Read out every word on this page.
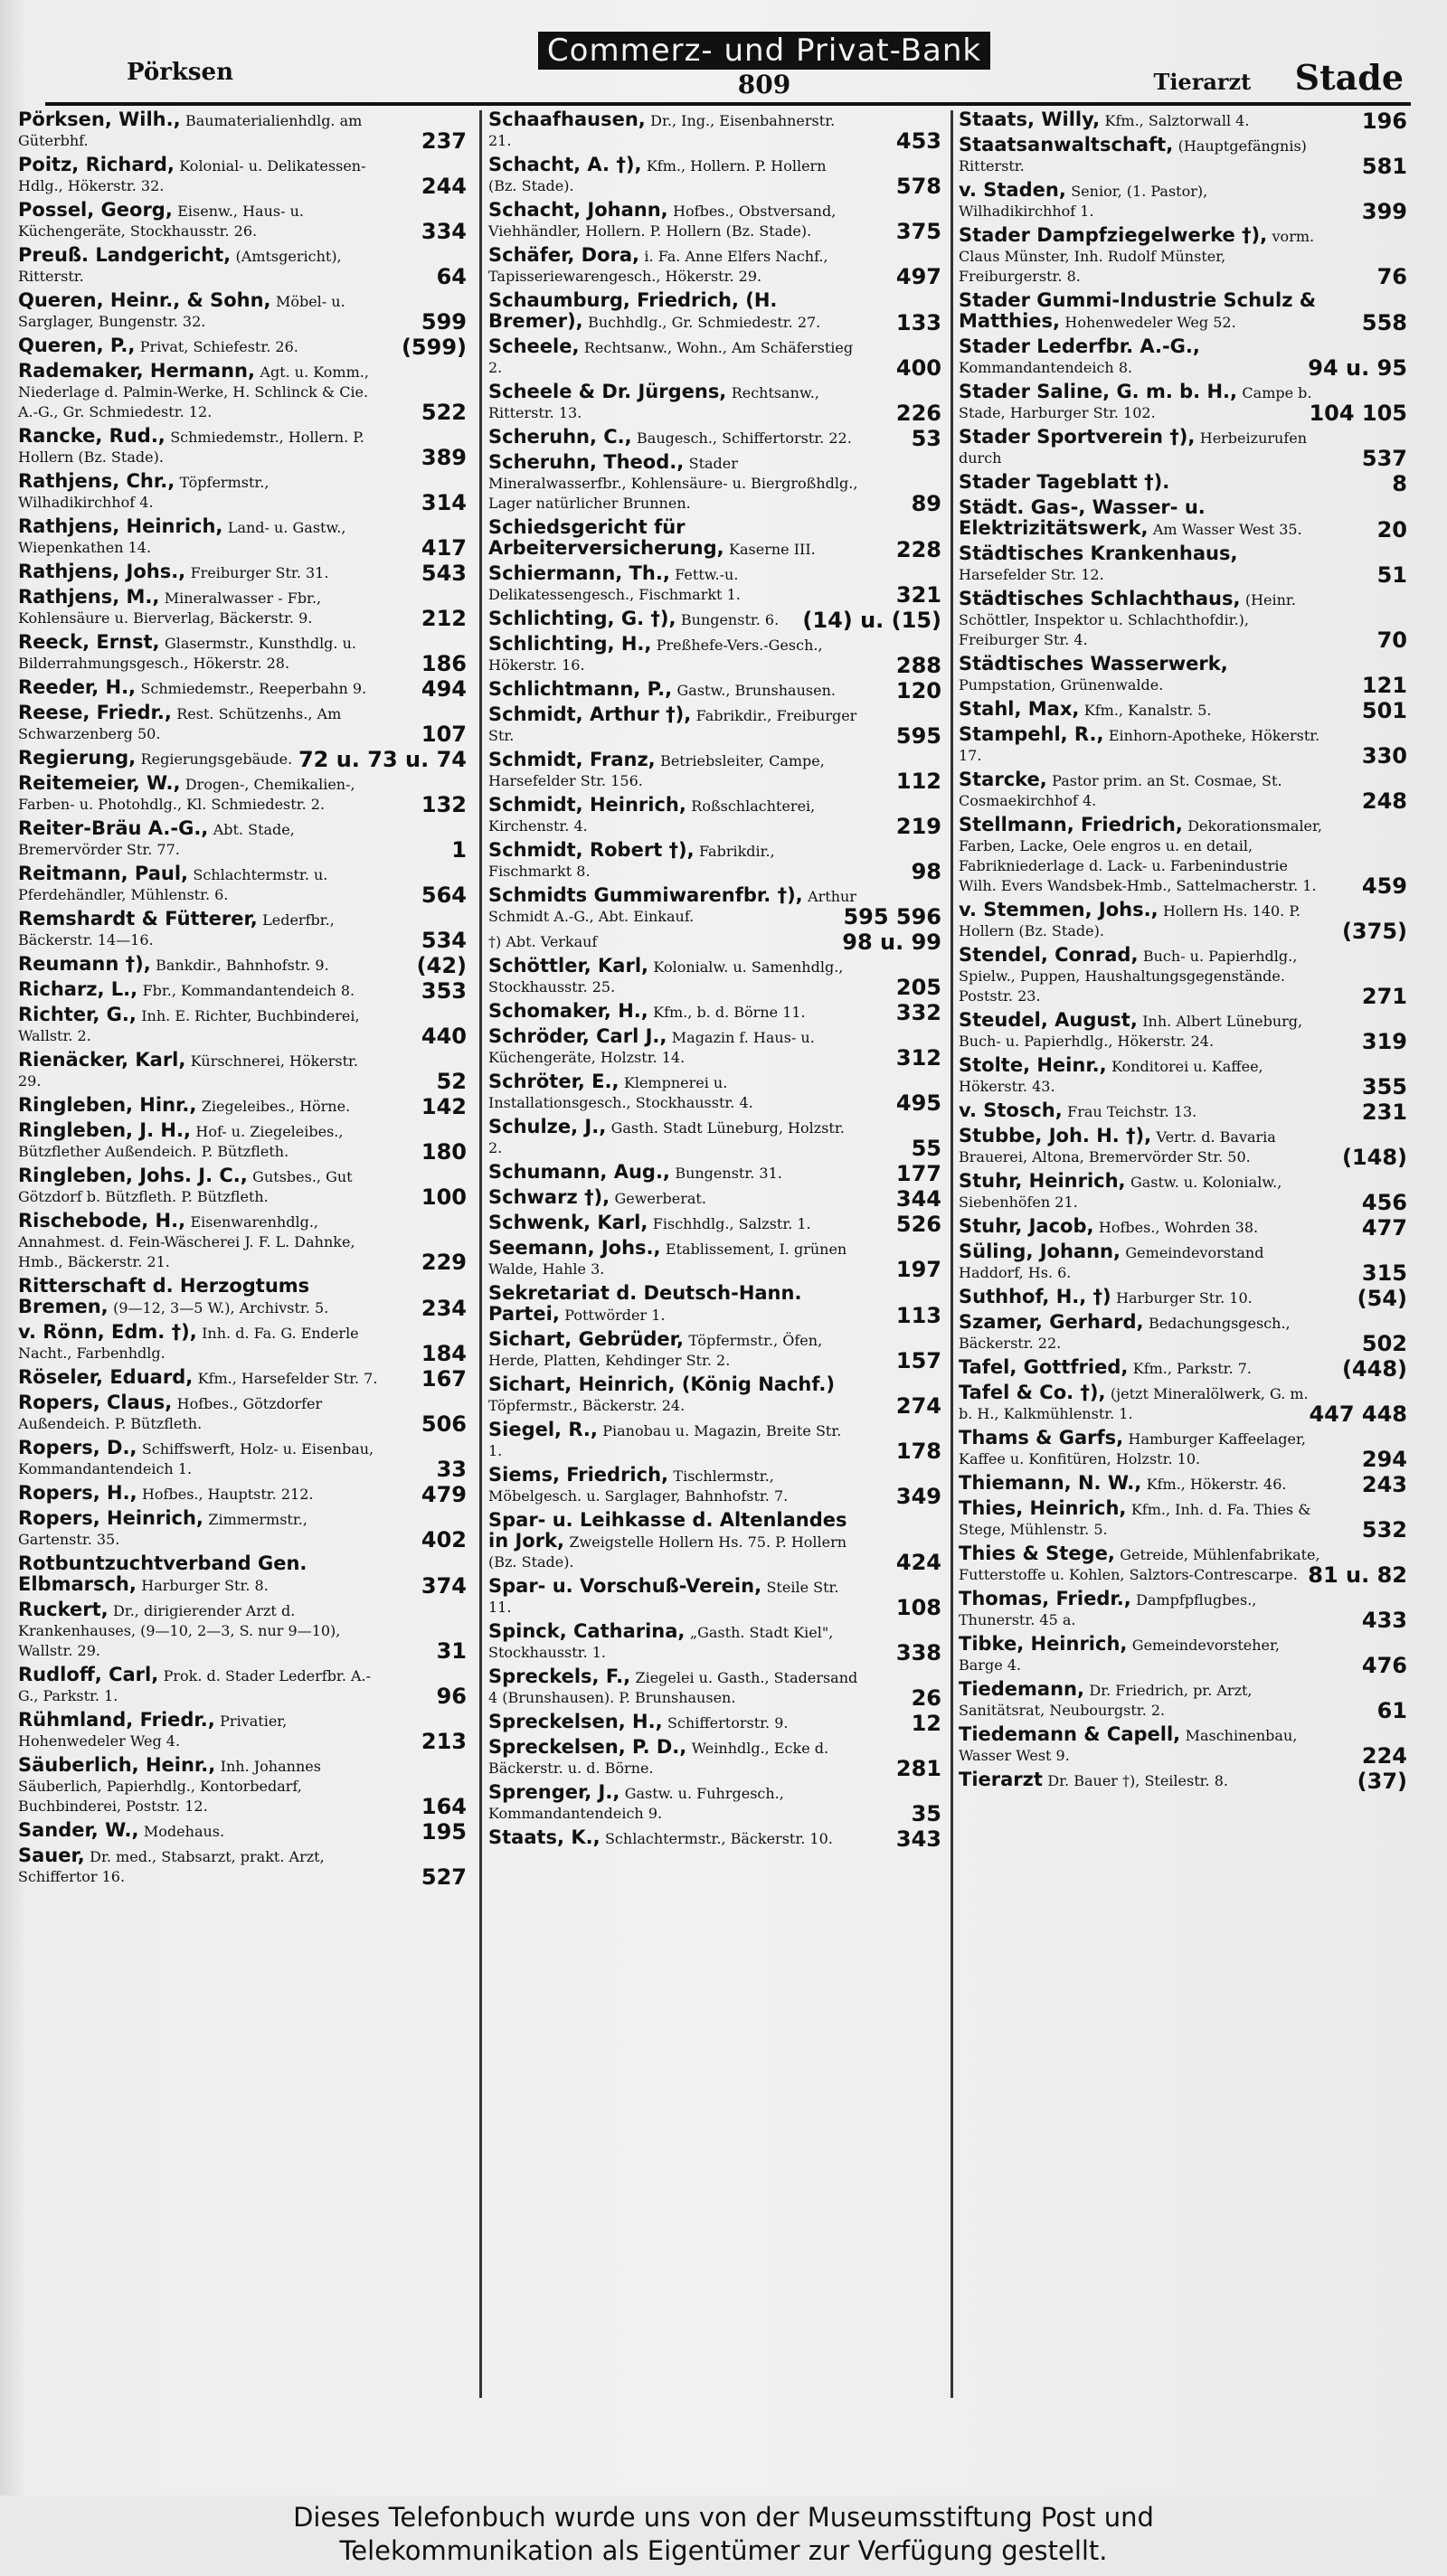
Pörksen
Commerz- und Privat-Bank
809	Tierarzt Stade
Pörksen, Wilh., Baumaterialienhdlg. am Güterbhf.	237
Poitz, Richard, Kolonial- u. Delikatessen-Hdlg., Hökerstr. 32.	244
Possel, Georg, Eisenw., Haus- u. Küchengeräte, Stockhausstr. 26.	334
Preuß. Landgericht, (Amtsgericht), Ritterstr.	64
Queren, Heinr., & Sohn, Möbel- u. Sarglager, Bungenstr. 32.	599
Queren, P., Privat, Schiefestr. 26.	(599)
Rademaker, Hermann, Agt. u. Komm., Niederlage d. Palmin-Werke, H. Schlinck & Cie. A.-G., Gr. Schmiedestr. 12.	522
Rancke, Rud., Schmiedemstr., Hollern. P. Hollern (Bz. Stade).	389
Rathjens, Chr., Töpfermstr., Wilhadikirchhof 4.	314
Rathjens, Heinrich, Land- u. Gastw., Wiepenkathen 14.	417
Rathjens, Johs., Freiburger Str. 31.	543
Rathjens, M., Mineralwasser - Fbr., Kohlensäure u. Bierverlag, Bäckerstr. 9.	212
Reeck, Ernst, Glasermstr., Kunsthdlg. u. Bilderrahmungsgesch., Hökerstr. 28.	186
Reeder, H., Schmiedemstr., Reeperbahn 9.	494
Reese, Friedr., Rest. Schützenhs., Am Schwarzenberg 50.	107
Regierung, Regierungsgebäude. 72 u. 73 u. 74
Reitemeier, W., Drogen-, Chemikalien-, Farben- u. Photohdlg., Kl. Schmiedestr. 2.	132
Reiter-Bräu A.-G., Abt. Stade, Bremervörder Str. 77.	1
Reitmann, Paul, Schlachtermstr. u. Pferdehändler, Mühlenstr. 6.	564
Remshardt & Fütterer, Lederfbr., Bäckerstr. 14—16.	534
Reumann †), Bankdir., Bahnhofstr. 9.	(42)
Richarz, L., Fbr., Kommandantendeich 8.	353
Richter, G., Inh. E. Richter, Buchbinderei, Wallstr. 2.	440
Rienäcker, Karl, Kürschnerei, Hökerstr. 29.	52
Ringleben, Hinr., Ziegeleibes., Hörne.	142
Ringleben, J. H., Hof- u. Ziegeleibes., Bützflether Außendeich. P. Bützfleth.	180
Ringleben, Johs. J. C., Gutsbes., Gut Götzdorf b. Bützfleth. P. Bützfleth.	100
Rischebode, H., Eisenwarenhdlg., Annahmest. d. Fein-Wäscherei J. F. L. Dahnke, Hmb., Bäckerstr. 21.	229
Ritterschaft d. Herzogtums Bremen, (9—12, 3—5 W.), Archivstr. 5.	234
v. Rönn, Edm. †), Inh. d. Fa. G. Enderle Nacht., Farbenhdlg.	184
Röseler, Eduard, Kfm., Harsefelder Str. 7. 167
Ropers, Claus, Hofbes., Götzdorfer Außendeich. P. Bützfleth.	506
Ropers, D., Schiffswerft, Holz- u. Eisenbau, Kommandantendeich 1.	33
Ropers, H., Hofbes., Hauptstr. 212.	479
Ropers, Heinrich, Zimmermstr., Gartenstr. 35.	402
Rotbuntzuchtverband Gen. Elbmarsch, Harburger Str. 8.	374
Ruckert, Dr., dirigierender Arzt d. Krankenhauses, (9—10, 2—3, S. nur 9—10), Wallstr. 29.	31
Rudloff, Carl, Prok. d. Stader Lederfbr. A.-G., Parkstr. 1.	96
Rühmland, Friedr., Privatier, Hohenwedeler Weg 4.	213
Säuberlich, Heinr., Inh. Johannes Säuberlich, Papierhdlg., Kontorbedarf, Buchbinderei, Poststr. 12.	164
Sander, W., Modehaus.	195
Sauer, Dr. med., Stabsarzt, prakt. Arzt, Schiffertor 16.	527
Schaafhausen, Dr., Ing., Eisenbahnerstr. 21.	453
Schacht, A. †), Kfm., Hollern. P. Hollern (Bz. Stade).	578
Schacht, Johann, Hofbes., Obstversand, Viehhändler, Hollern. P. Hollern (Bz. Stade).	375
Schäfer, Dora, i. Fa. Anne Elfers Nachf., Tapisseriewarengesch., Hökerstr. 29.	497
Schaumburg, Friedrich, (H. Bremer), Buchhdlg., Gr. Schmiedestr. 27.	133
Scheele, Rechtsanw., Wohn., Am Schäferstieg 2.	400
Scheele & Dr. Jürgens, Rechtsanw., Ritterstr. 13.	226
Scheruhn, C., Baugesch., Schiffertorstr. 22.	53
Scheruhn, Theod., Stader Mineralwasserfbr., Kohlensäure- u. Biergroßhdlg., Lager natürlicher Brunnen.	89
Schiedsgericht für Arbeiterversicherung, Kaserne III.	228
Schiermann, Th., Fettw.-u. Delikatessengesch., Fischmarkt 1.	321
Schlichting, G. †), Bungenstr. 6. (14) u. (15)
Schlichting, H., Preßhefe-Vers.-Gesch., Hökerstr. 16.	288
Schlichtmann, P., Gastw., Brunshausen.	120
Schmidt, Arthur †), Fabrikdir., Freiburger Str.	595
Schmidt, Franz, Betriebsleiter, Campe, Harsefelder Str. 156.	112
Schmidt, Heinrich, Roßschlachterei, Kirchenstr. 4.	219
Schmidt, Robert †), Fabrikdir., Fischmarkt 8.	98
Schmidts Gummiwarenfbr. †), Arthur Schmidt A.-G., Abt. Einkauf.	595 596
†) Abt. Verkauf	98 u. 99
Schöttler, Karl, Kolonialw. u. Samenhdlg., Stockhausstr. 25.	205
Schomaker, H., Kfm., b. d. Börne 11.	332
Schröder, Carl J., Magazin f. Haus- u. Küchengeräte, Holzstr. 14.	312
Schröter, E., Klempnerei u. Installationsgesch., Stockhausstr. 4.	495
Schulze, J., Gasth. Stadt Lüneburg, Holzstr. 2.	55
Schumann, Aug., Bungenstr. 31.	177
Schwarz †), Gewerberat.	344
Schwenk, Karl, Fischhdlg., Salzstr. 1.	526
Seemann, Johs., Etablissement, I. grünen Walde, Hahle 3.	197
Sekretariat d. Deutsch-Hann. Partei, Pottwörder 1.	113
Sichart, Gebrüder, Töpfermstr., Öfen, Herde, Platten, Kehdinger Str. 2.	157
Sichart, Heinrich, (König Nachf.) Töpfermstr., Bäckerstr. 24.	274
Siegel, R., Pianobau u. Magazin, Breite Str. 1.	178
Siems, Friedrich, Tischlermstr., Möbelgesch. u. Sarglager, Bahnhofstr. 7.	349
Spar- u. Leihkasse d. Altenlandes in Jork, Zweigstelle Hollern Hs. 75. P. Hollern (Bz. Stade).	424
Spar- u. Vorschuß-Verein, Steile Str. 11.	108
Spinck, Catharina, „Gasth. Stadt Kiel", Stockhausstr. 1.	338
Spreckels, F., Ziegelei u. Gasth., Stadersand 4 (Brunshausen). P. Brunshausen.	26
Spreckelsen, H., Schiffertorstr. 9.	12
Spreckelsen, P. D., Weinhdlg., Ecke d. Bäckerstr. u. d. Börne.	281
Sprenger, J., Gastw. u. Fuhrgesch., Kommandantendeich 9.	35
Staats, K., Schlachtermstr., Bäckerstr. 10.	343
Staats, Willy, Kfm., Salztorwall 4.	196
Staatsanwaltschaft, (Hauptgefängnis) Ritterstr.	581
v. Staden, Senior, (1. Pastor), Wilhadikirchhof 1.	399
Stader Dampfziegelwerke †), vorm. Claus Münster, Inh. Rudolf Münster, Freiburgerstr. 8.	76
Stader Gummi-Industrie Schulz & Matthies, Hohenwedeler Weg 52.	558
Stader Lederfbr. A.-G., Kommandantendeich 8.	94 u. 95
Stader Saline, G. m. b. H., Campe b. Stade, Harburger Str. 102.	104 105
Stader Sportverein †), Herbeizurufen durch	537
Stader Tageblatt †).	8
Städt. Gas-, Wasser- u. Elektrizitätswerk, Am Wasser West 35.	20
Städtisches Krankenhaus, Harsefelder Str. 12.	51
Städtisches Schlachthaus, (Heinr. Schöttler, Inspektor u. Schlachthofdir.), Freiburger Str. 4.	70
Städtisches Wasserwerk, Pumpstation, Grünenwalde.	121
Stahl, Max, Kfm., Kanalstr. 5.	501
Stampehl, R., Einhorn-Apotheke, Hökerstr. 17.	330
Starcke, Pastor prim. an St. Cosmae, St. Cosmaekirchhof 4.	248
Stellmann, Friedrich, Dekorationsmaler, Farben, Lacke, Oele engros u. en detail, Fabrikniederlage d. Lack- u. Farbenindustrie Wilh. Evers Wandsbek-Hmb., Sattelmacherstr. 1. 459
v. Stemmen, Johs., Hollern Hs. 140. P. Hollern (Bz. Stade).	(375)
Stendel, Conrad, Buch- u. Papierhdlg., Spielw., Puppen, Haushaltungsgegenstände. Poststr. 23.	271
Steudel, August, Inh. Albert Lüneburg, Buch- u. Papierhdlg., Hökerstr. 24.	319
Stolte, Heinr., Konditorei u. Kaffee, Hökerstr. 43.	355
v. Stosch, Frau Teichstr. 13.	231
Stubbe, Joh. H. †), Vertr. d. Bavaria Brauerei, Altona, Bremervörder Str. 50.	(148)
Stuhr, Heinrich, Gastw. u. Kolonialw., Siebenhöfen 21.	456
Stuhr, Jacob, Hofbes., Wohrden 38.	477
Süling, Johann, Gemeindevorstand Haddorf, Hs. 6.	315
Suthhof, H., †) Harburger Str. 10.	(54)
Szamer, Gerhard, Bedachungsgesch., Bäckerstr. 22.	502
Tafel, Gottfried, Kfm., Parkstr. 7.	(448)
Tafel & Co. †), (jetzt Mineralölwerk, G. m. b. H., Kalkmühlenstr. 1.	447 448
Thams & Garfs, Hamburger Kaffeelager, Kaffee u. Konfitüren, Holzstr. 10.	294
Thiemann, N. W., Kfm., Hökerstr. 46.	243
Thies, Heinrich, Kfm., Inh. d. Fa. Thies & Stege, Mühlenstr. 5.	532
Thies & Stege, Getreide, Mühlenfabrikate, Futterstoffe u. Kohlen, Salztors-Contrescarpe. 81 u. 82
Thomas, Friedr., Dampfpflugbes., Thunerstr. 45 a.	433
Tibke, Heinrich, Gemeindevorsteher, Barge 4.	476
Tiedemann, Dr. Friedrich, pr. Arzt, Sanitätsrat, Neubourgstr. 2.	61
Tiedemann & Capell, Maschinenbau, Wasser West 9.	224
Tierarzt Dr. Bauer †), Steilestr. 8.	(37)
Dieses Telefonbuch wurde uns von der Museumsstiftung Post und
Telekommunikation als Eigentümer zur Verfügung gestellt.
